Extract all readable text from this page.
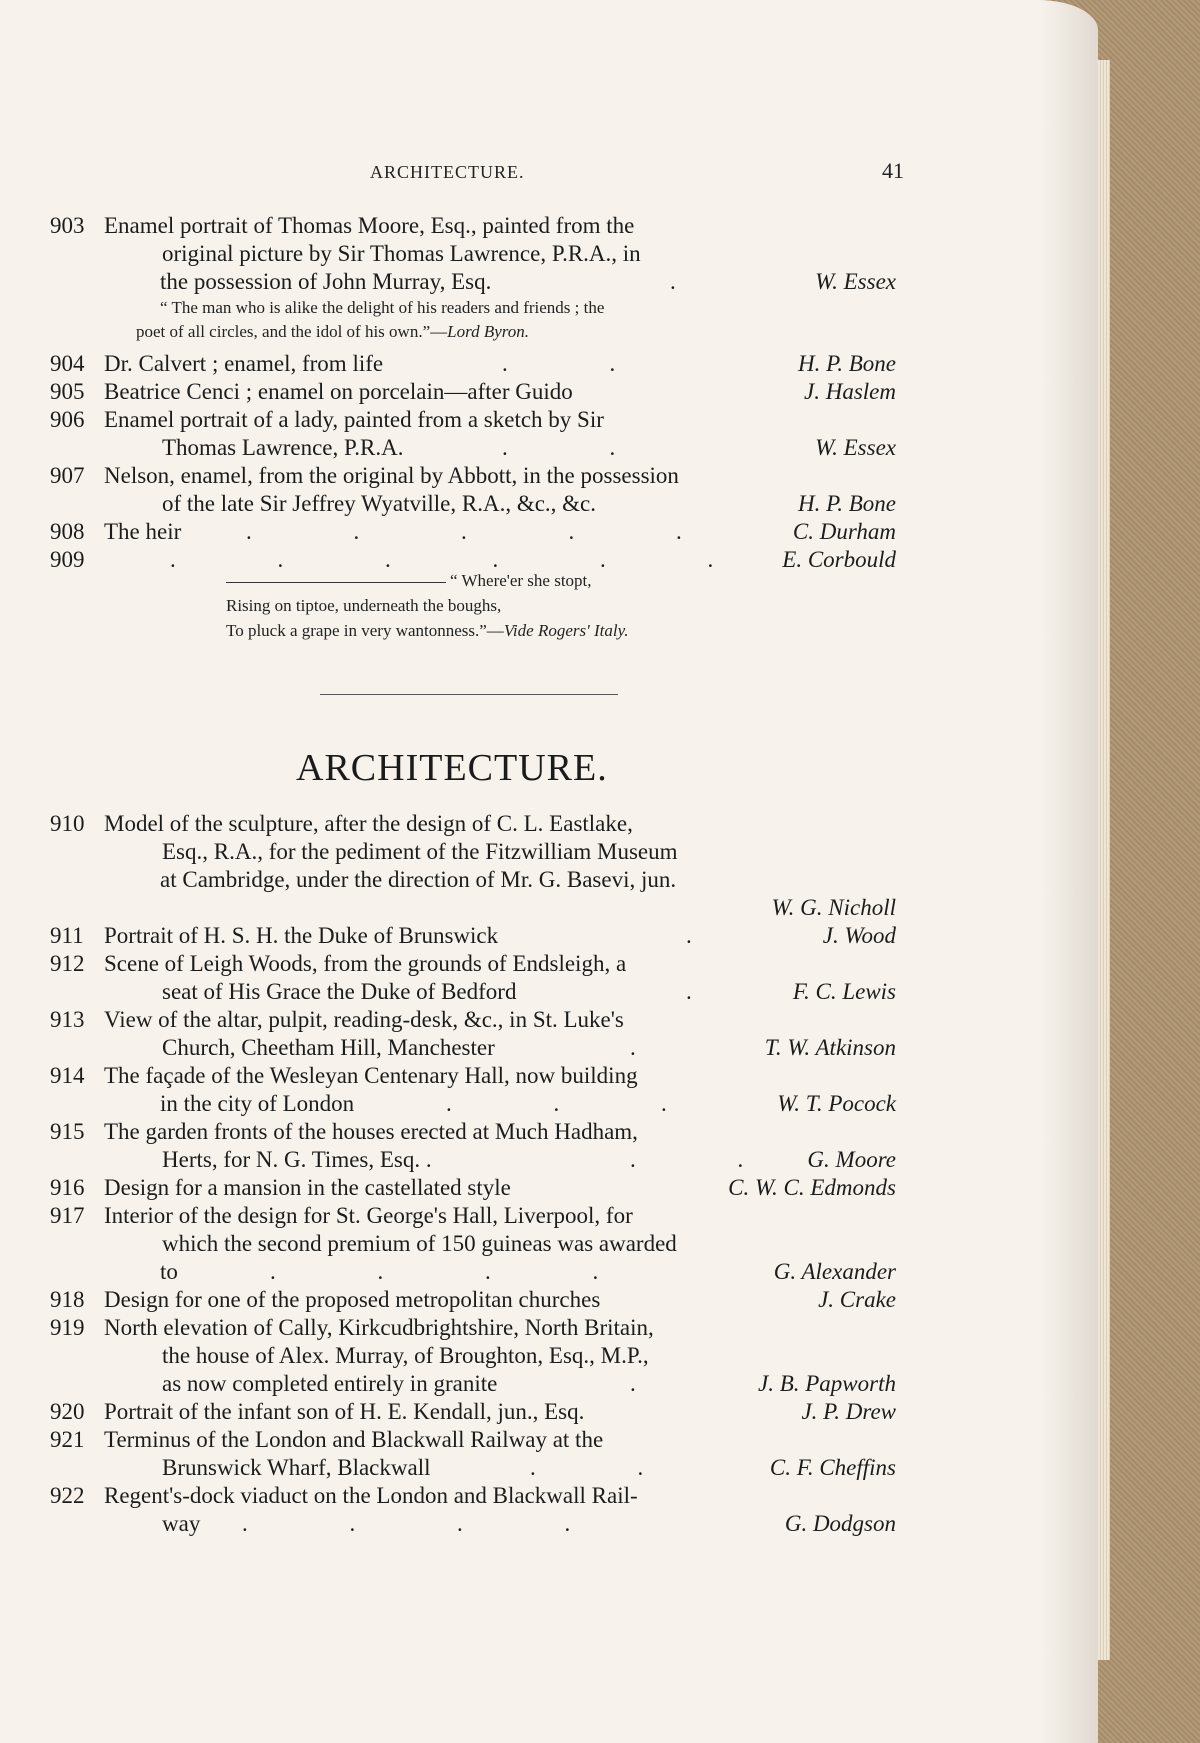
ARCHITECTURE.	41
903 Enamel portrait of Thomas Moore, Esq., painted from the
original picture by Sir Thomas Lawrence, P.R.A., in
the possession of John Murray, Esq.	.	W. Essex
“ The man who is alike the delight of his readers and friends ; the
poet of all circles, and the idol of his own.”—Lord Byron.
904 Dr. Calvert ; enamel, from life	. .	H. P. Bone
905 Beatrice Cenci ; enamel on porcelain—after Guido	J. Haslem
906 Enamel portrait of a lady, painted from a sketch by Sir
Thomas Lawrence, P.R.A.	. .	W. Essex
907 Nelson, enamel, from the original by Abbott, in the possession
of the late Sir Jeffrey Wyatville, R.A., &c., &c.	H. P. Bone
908 The heir	. . . . .	C. Durham
909	. . . . . . E. Corbould
“ Where'er she stopt,
Rising on tiptoe, underneath the boughs,
To pluck a grape in very wantonness.”—Vide Rogers' Italy.
ARCHITECTURE.
910 Model of the sculpture, after the design of C. L. Eastlake,
Esq., R.A., for the pediment of the Fitzwilliam Museum
at Cambridge, under the direction of Mr. G. Basevi, jun.
W. G. Nicholl
911 Portrait of H. S. H. the Duke of Brunswick	.	J. Wood
912 Scene of Leigh Woods, from the grounds of Endsleigh, a
seat of His Grace the Duke of Bedford	. F. C. Lewis
913 View of the altar, pulpit, reading-desk, &c., in St. Luke's
Church, Cheetham Hill, Manchester	.	T. W. Atkinson
914 The façade of the Wesleyan Centenary Hall, now building
in the city of London	. . .	W. T. Pocock
915 The garden fronts of the houses erected at Much Hadham,
Herts, for N. G. Times, Esq. .	. . G. Moore
916 Design for a mansion in the castellated style	C. W. C. Edmonds
917 Interior of the design for St. George's Hall, Liverpool, for
which the second premium of 150 guineas was awarded
to	. . . .	G. Alexander
918 Design for one of the proposed metropolitan churches	J. Crake
919 North elevation of Cally, Kirkcudbrightshire, North Britain,
the house of Alex. Murray, of Broughton, Esq., M.P.,
as now completed entirely in granite	.	J. B. Papworth
920 Portrait of the infant son of H. E. Kendall, jun., Esq.	J. P. Drew
921 Terminus of the London and Blackwall Railway at the
Brunswick Wharf, Blackwall	. .	C. F. Cheffins
922 Regent's-dock viaduct on the London and Blackwall Rail-
way . . . .	G. Dodgson
